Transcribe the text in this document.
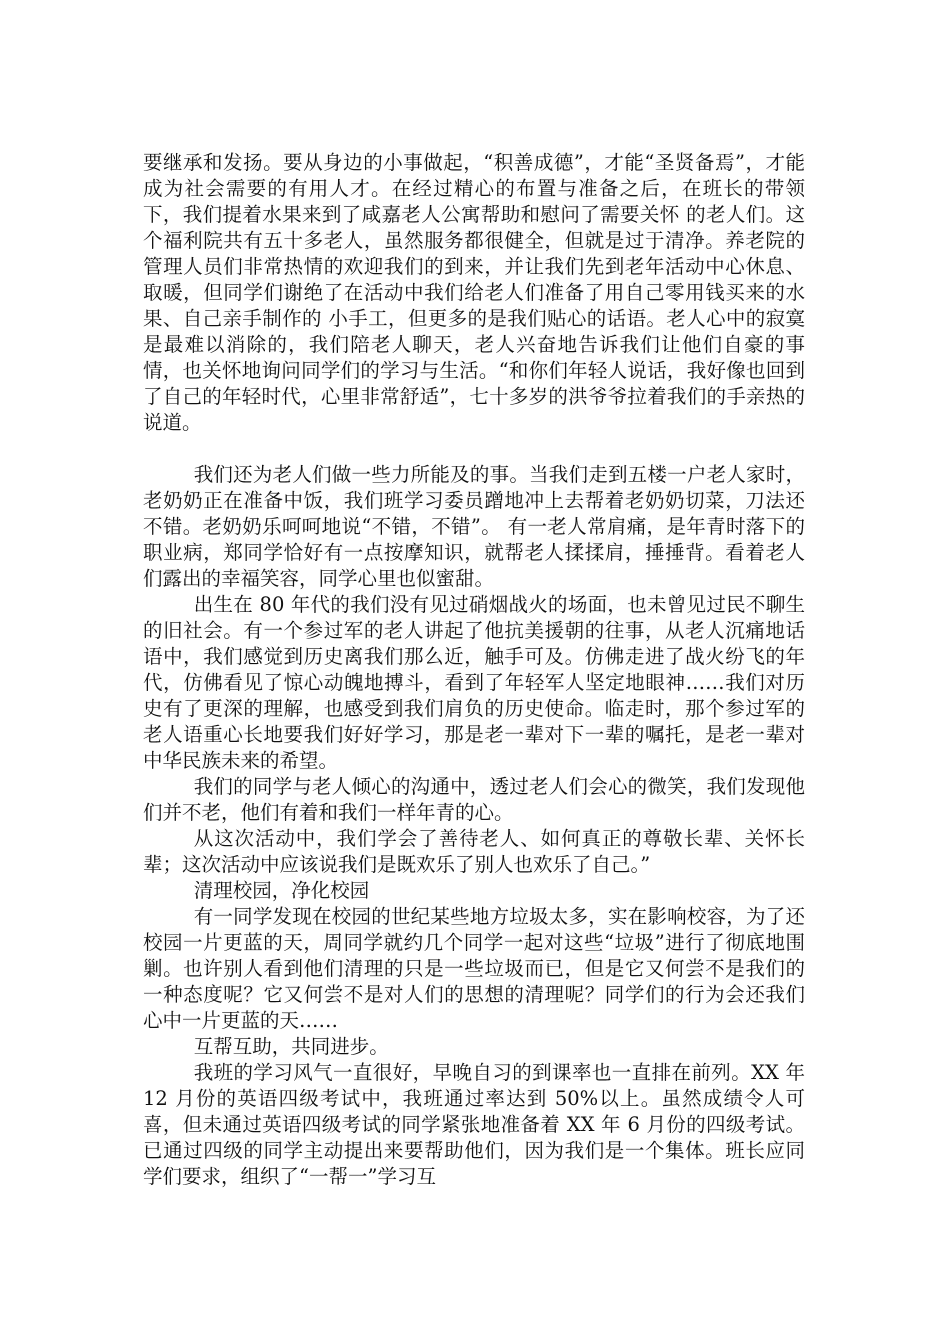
要继承和发扬。要从身边的小事做起，“积善成德”，才能“圣贤备焉”，才能成为社会需要的有用人才。在经过精心的布置与准备之后，在班长的带领下，我们提着水果来到了咸嘉老人公寓帮助和慰问了需要关怀 的老人们。这个福利院共有五十多老人，虽然服务都很健全，但就是过于清净。养老院的管理人员们非常热情的欢迎我们的到来，并让我们先到老年活动中心休息、取暖，但同学们谢绝了在活动中我们给老人们准备了用自己零用钱买来的水果、自己亲手制作的 小手工，但更多的是我们贴心的话语。老人心中的寂寞是最难以消除的，我们陪老人聊天，老人兴奋地告诉我们让他们自豪的事情，也关怀地询问同学们的学习与生活。“和你们年轻人说话，我好像也回到了自己的年轻时代，心里非常舒适”，七十多岁的洪爷爷拉着我们的手亲热的说道。

我们还为老人们做一些力所能及的事。当我们走到五楼一户老人家时，老奶奶正在准备中饭，我们班学习委员蹭地冲上去帮着老奶奶切菜，刀法还不错。老奶奶乐呵呵地说“不错，不错”。 有一老人常肩痛，是年青时落下的职业病，郑同学恰好有一点按摩知识，就帮老人揉揉肩，捶捶背。看着老人们露出的幸福笑容，同学心里也似蜜甜。

出生在 80 年代的我们没有见过硝烟战火的场面，也未曾见过民不聊生的旧社会。有一个参过军的老人讲起了他抗美援朝的往事，从老人沉痛地话语中，我们感觉到历史离我们那么近，触手可及。仿佛走进了战火纷飞的年代，仿佛看见了惊心动魄地搏斗，看到了年轻军人坚定地眼神……我们对历史有了更深的理解，也感受到我们肩负的历史使命。临走时，那个参过军的老人语重心长地要我们好好学习，那是老一辈对下一辈的嘱托，是老一辈对中华民族未来的希望。

我们的同学与老人倾心的沟通中，透过老人们会心的微笑，我们发现他们并不老，他们有着和我们一样年青的心。

从这次活动中，我们学会了善待老人、如何真正的尊敬长辈、关怀长辈；这次活动中应该说我们是既欢乐了别人也欢乐了自己。”

清理校园，净化校园

有一同学发现在校园的世纪某些地方垃圾太多，实在影响校容，为了还校园一片更蓝的天，周同学就约几个同学一起对这些“垃圾”进行了彻底地围剿。也许别人看到他们清理的只是一些垃圾而已，但是它又何尝不是我们的一种态度呢？它又何尝不是对人们的思想的清理呢？同学们的行为会还我们心中一片更蓝的天……

互帮互助，共同进步。

我班的学习风气一直很好，早晚自习的到课率也一直排在前列。XX 年 12 月份的英语四级考试中，我班通过率达到 50%以上。虽然成绩令人可喜，但未通过英语四级考试的同学紧张地准备着 XX 年 6 月份的四级考试。已通过四级的同学主动提出来要帮助他们，因为我们是一个集体。班长应同学们要求，组织了“一帮一”学习互
